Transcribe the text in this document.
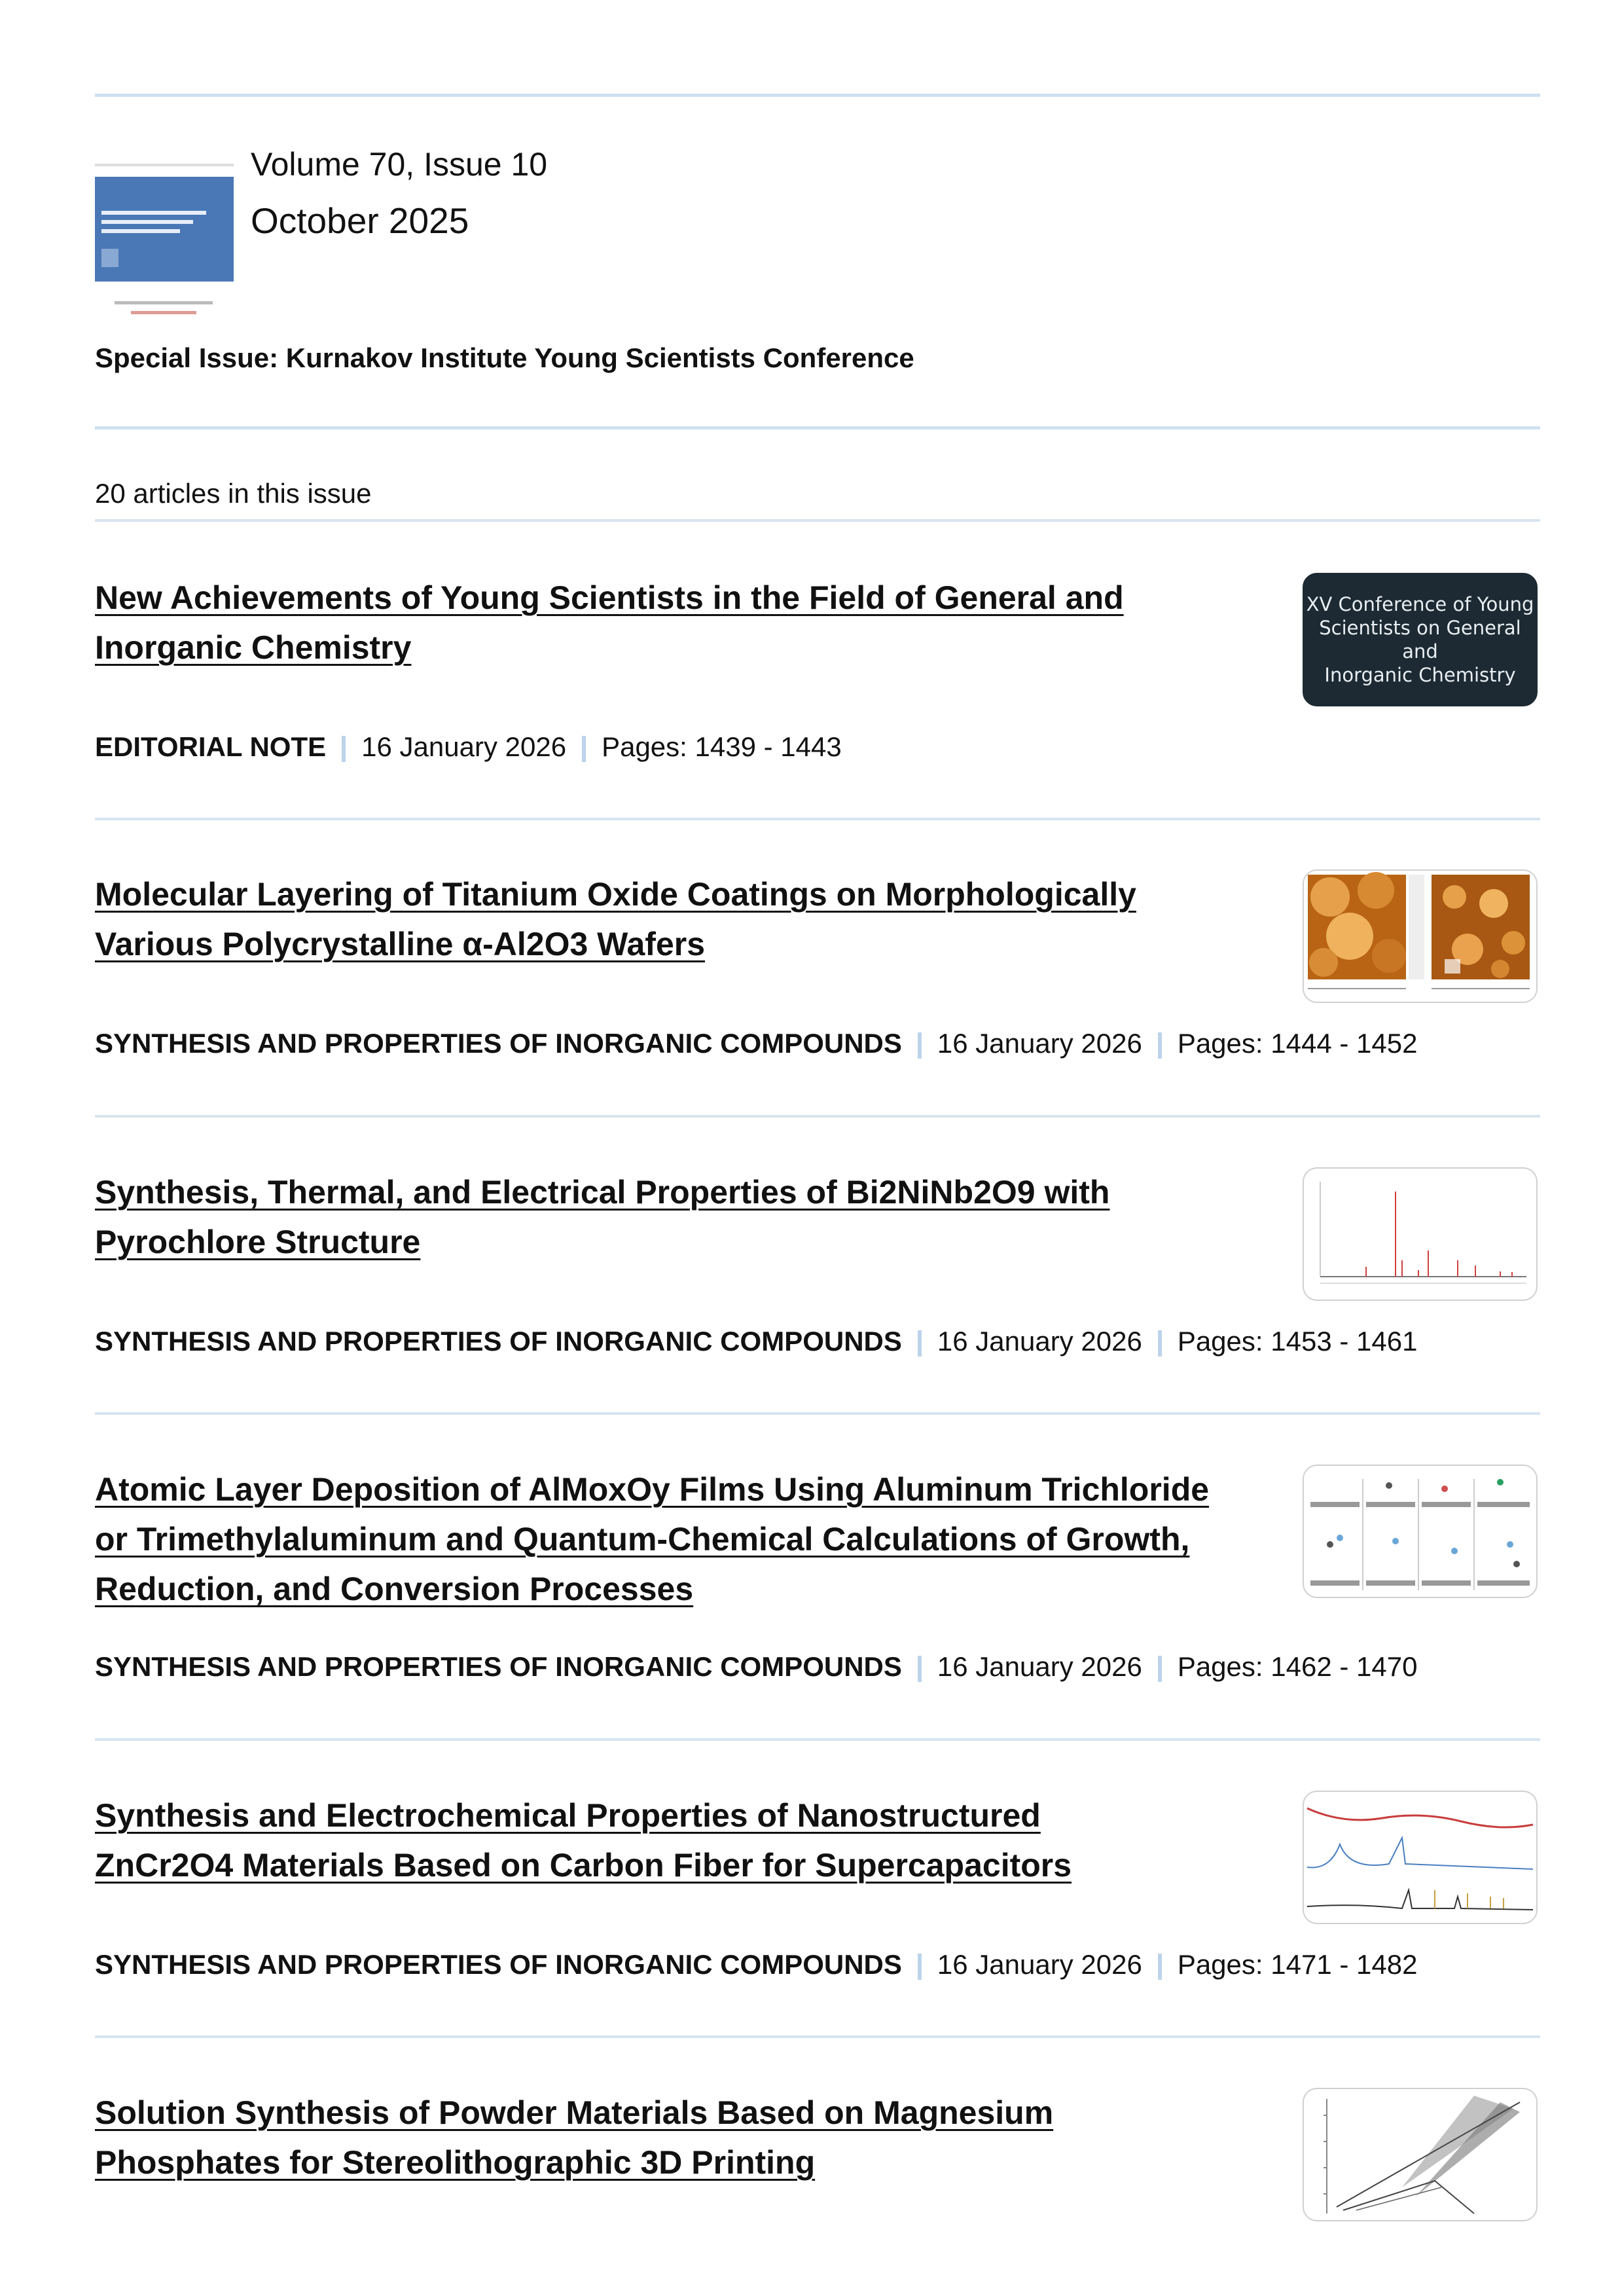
Volume 70, Issue 10
October 2025
Special Issue: Kurnakov Institute Young Scientists Conference
20 articles in this issue
New Achievements of Young Scientists in the Field of General and
Inorganic Chemistry
XV Conference of Young
Scientists on General and
Inorganic Chemistry
EDITORIAL NOTE 16 January 2026 Pages: 1439 - 1443
Molecular Layering of Titanium Oxide Coatings on Morphologically
Various Polycrystalline α-Al2O3 Wafers
SYNTHESIS AND PROPERTIES OF INORGANIC COMPOUNDS 16 January 2026 Pages: 1444 - 1452
Synthesis, Thermal, and Electrical Properties of Bi2NiNb2O9 with
Pyrochlore Structure
SYNTHESIS AND PROPERTIES OF INORGANIC COMPOUNDS 16 January 2026 Pages: 1453 - 1461
Atomic Layer Deposition of AlMoxOy Films Using Aluminum Trichloride
or Trimethylaluminum and Quantum-Chemical Calculations of Growth,
Reduction, and Conversion Processes
SYNTHESIS AND PROPERTIES OF INORGANIC COMPOUNDS 16 January 2026 Pages: 1462 - 1470
Synthesis and Electrochemical Properties of Nanostructured
ZnCr2O4 Materials Based on Carbon Fiber for Supercapacitors
SYNTHESIS AND PROPERTIES OF INORGANIC COMPOUNDS 16 January 2026 Pages: 1471 - 1482
Solution Synthesis of Powder Materials Based on Magnesium
Phosphates for Stereolithographic 3D Printing
